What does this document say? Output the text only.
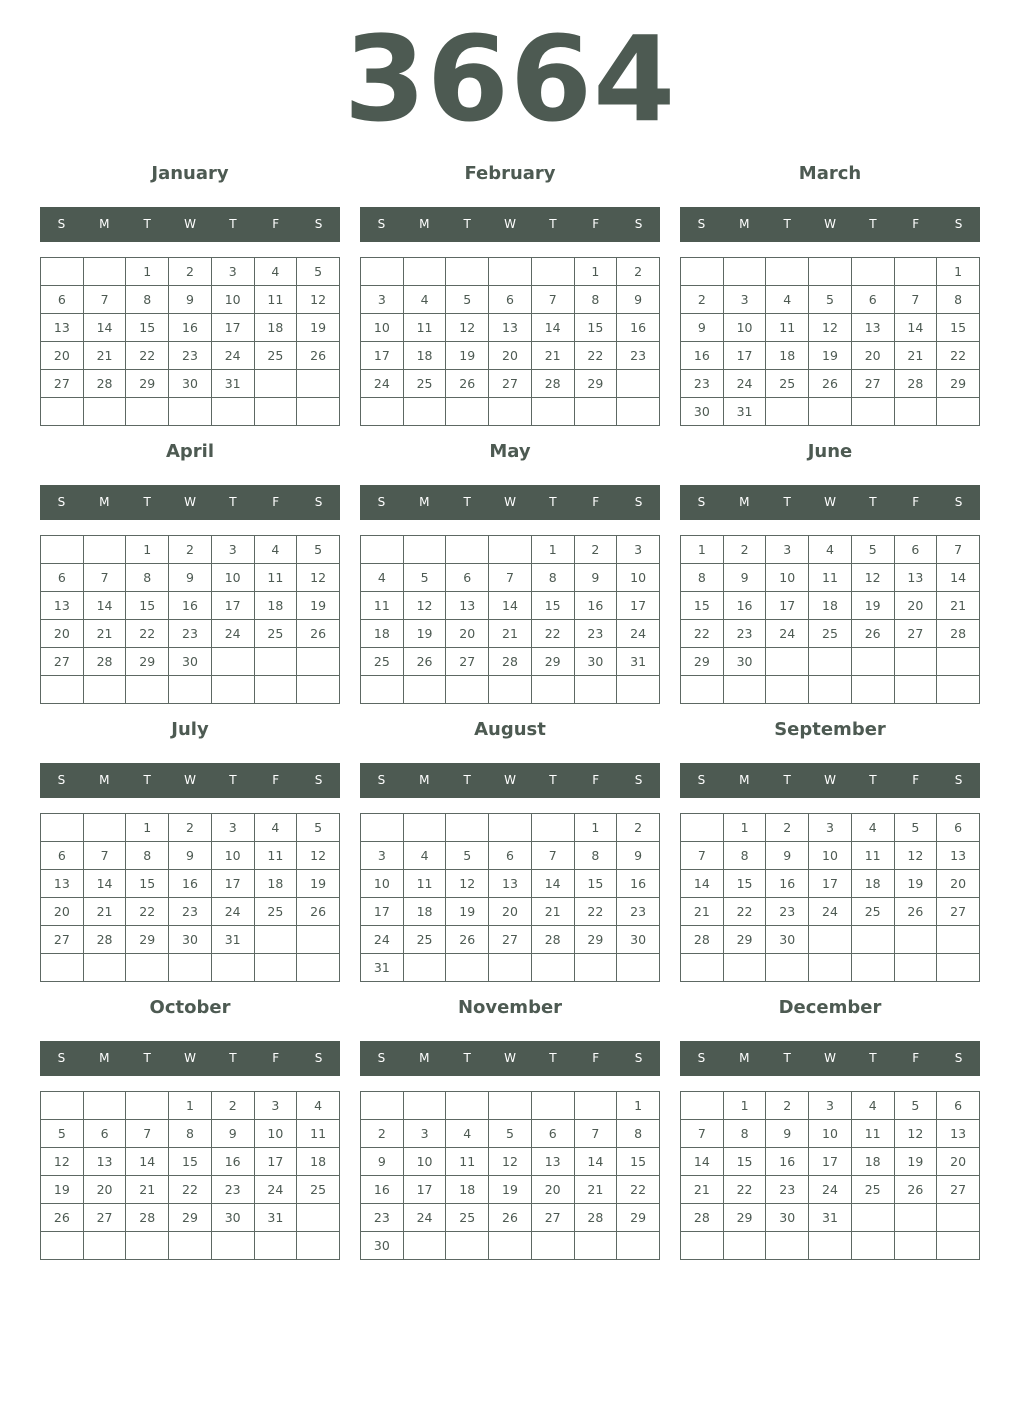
3664
January
S	M	T	W	T	F	S
		1	2	3	4	5
6	7	8	9	10	11	12
13	14	15	16	17	18	19
20	21	22	23	24	25	26
27	28	29	30	31		

February
S	M	T	W	T	F	S
					1	2
3	4	5	6	7	8	9
10	11	12	13	14	15	16
17	18	19	20	21	22	23
24	25	26	27	28	29	

March
S	M	T	W	T	F	S
						1
2	3	4	5	6	7	8
9	10	11	12	13	14	15
16	17	18	19	20	21	22
23	24	25	26	27	28	29
30	31					
April
S	M	T	W	T	F	S
		1	2	3	4	5
6	7	8	9	10	11	12
13	14	15	16	17	18	19
20	21	22	23	24	25	26
27	28	29	30			

May
S	M	T	W	T	F	S
				1	2	3
4	5	6	7	8	9	10
11	12	13	14	15	16	17
18	19	20	21	22	23	24
25	26	27	28	29	30	31

June
S	M	T	W	T	F	S
1	2	3	4	5	6	7
8	9	10	11	12	13	14
15	16	17	18	19	20	21
22	23	24	25	26	27	28
29	30					

July
S	M	T	W	T	F	S
		1	2	3	4	5
6	7	8	9	10	11	12
13	14	15	16	17	18	19
20	21	22	23	24	25	26
27	28	29	30	31		

August
S	M	T	W	T	F	S
					1	2
3	4	5	6	7	8	9
10	11	12	13	14	15	16
17	18	19	20	21	22	23
24	25	26	27	28	29	30
31						
September
S	M	T	W	T	F	S
	1	2	3	4	5	6
7	8	9	10	11	12	13
14	15	16	17	18	19	20
21	22	23	24	25	26	27
28	29	30				

October
S	M	T	W	T	F	S
			1	2	3	4
5	6	7	8	9	10	11
12	13	14	15	16	17	18
19	20	21	22	23	24	25
26	27	28	29	30	31	

November
S	M	T	W	T	F	S
						1
2	3	4	5	6	7	8
9	10	11	12	13	14	15
16	17	18	19	20	21	22
23	24	25	26	27	28	29
30						
December
S	M	T	W	T	F	S
	1	2	3	4	5	6
7	8	9	10	11	12	13
14	15	16	17	18	19	20
21	22	23	24	25	26	27
28	29	30	31			
